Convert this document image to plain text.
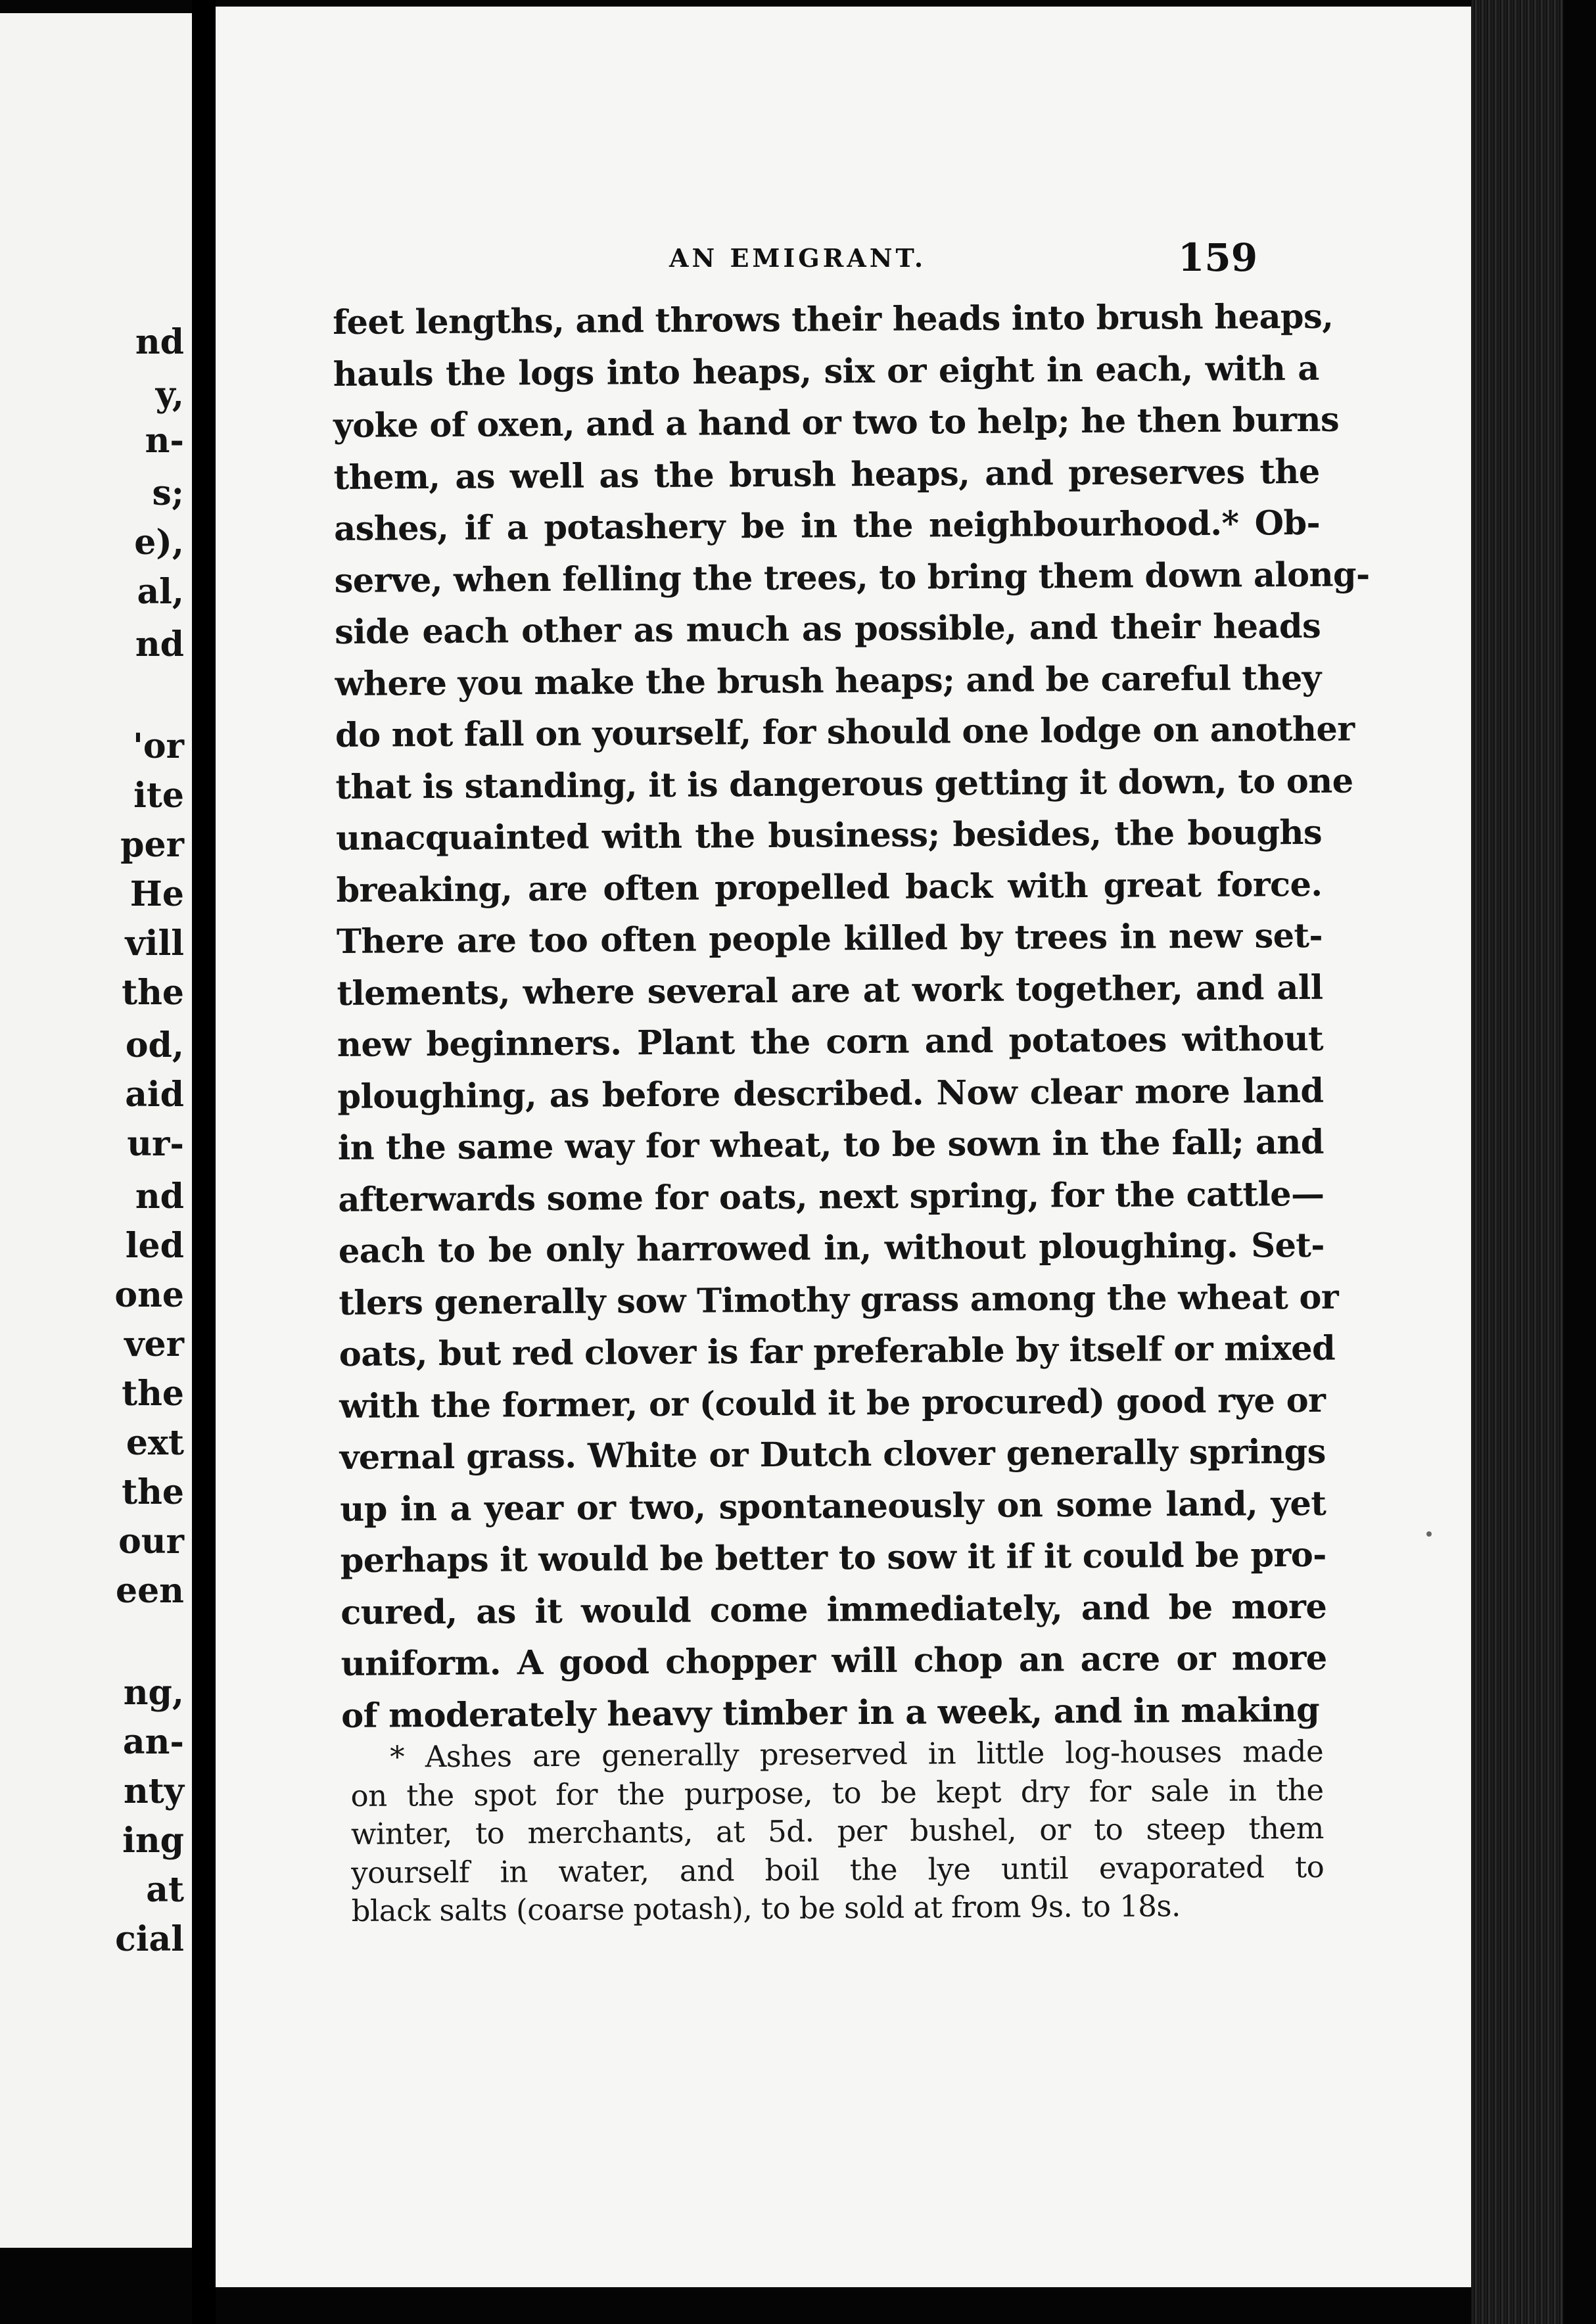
nd
y,
n-
s;
e),
al,
nd
'or
ite
per
He
vill
the
od,
aid
ur-
nd
led
one
ver
the
ext
the
our
een
ng,
an-
nty
ing
at
cial
AN EMIGRANT.	159
feet lengths, and throws their heads into brush heaps,
hauls the logs into heaps, six or eight in each, with a
yoke of oxen, and a hand or two to help; he then burns
them, as well as the brush heaps, and preserves the
ashes, if a potashery be in the neighbourhood.* Ob-
serve, when felling the trees, to bring them down along-
side each other as much as possible, and their heads
where you make the brush heaps; and be careful they
do not fall on yourself, for should one lodge on another
that is standing, it is dangerous getting it down, to one
unacquainted with the business; besides, the boughs
breaking, are often propelled back with great force.
There are too often people killed by trees in new set-
tlements, where several are at work together, and all
new beginners. Plant the corn and potatoes without
ploughing, as before described. Now clear more land
in the same way for wheat, to be sown in the fall; and
afterwards some for oats, next spring, for the cattle—
each to be only harrowed in, without ploughing. Set-
tlers generally sow Timothy grass among the wheat or
oats, but red clover is far preferable by itself or mixed
with the former, or (could it be procured) good rye or
vernal grass. White or Dutch clover generally springs
up in a year or two, spontaneously on some land, yet
perhaps it would be better to sow it if it could be pro-
cured, as it would come immediately, and be more
uniform. A good chopper will chop an acre or more
of moderately heavy timber in a week, and in making
* Ashes are generally preserved in little log-houses made
on the spot for the purpose, to be kept dry for sale in the
winter, to merchants, at 5d. per bushel, or to steep them
yourself in water, and boil the lye until evaporated to
black salts (coarse potash), to be sold at from 9s. to 18s.
